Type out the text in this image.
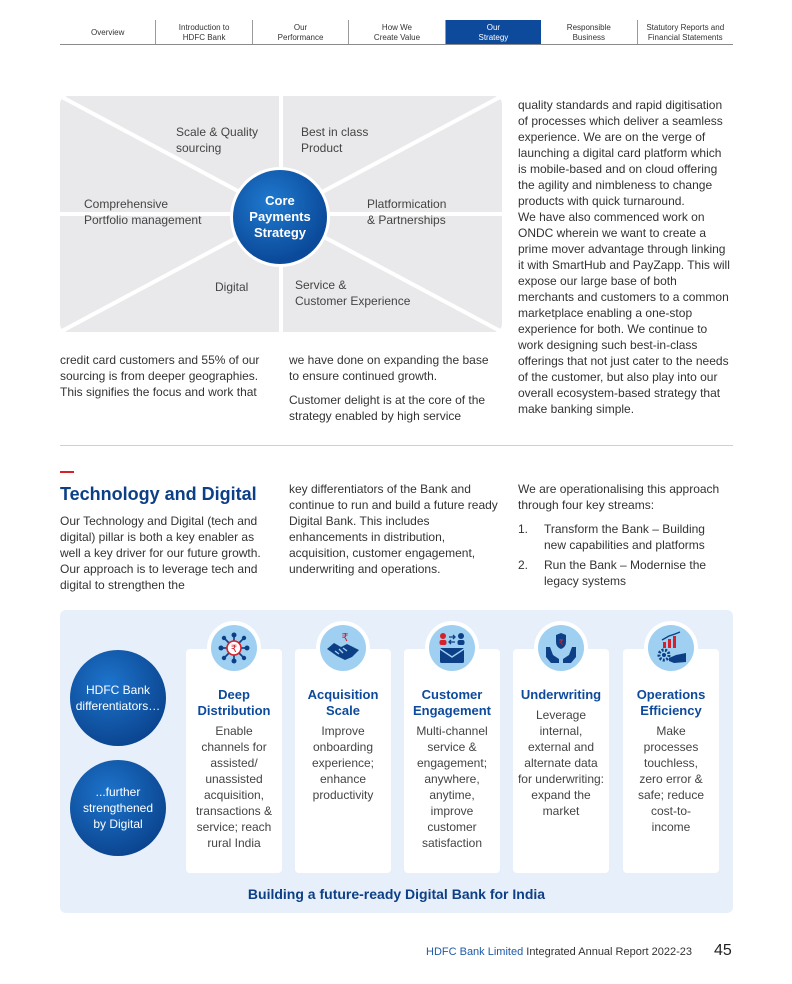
Overview
Introduction to
HDFC Bank
Our
Performance
How We
Create Value
Our
Strategy
Responsible
Business
Statutory Reports and
Financial Statements
Scale & Quality
sourcing
Best in class
Product
Comprehensive
Portfolio management
Platformication
& Partnerships
Digital	Service &
Customer Experience
Core
Payments
Strategy

credit card customers and 55% of our sourcing is from deeper geographies. This signifies the focus and work that

we have done on expanding the base to ensure continued growth.

Customer delight is at the core of the strategy enabled by high service

quality standards and rapid digitisation of processes which deliver a seamless experience. We are on the verge of launching a digital card platform which is mobile-based and on cloud offering the agility and nimbleness to change products with quick turnaround.

We have also commenced work on ONDC wherein we want to create a prime mover advantage through linking it with SmartHub and PayZapp. This will expose our large base of both merchants and customers to a common marketplace enabling a one-stop experience for both. We continue to work designing such best-in-class offerings that not just cater to the needs of the customer, but also play into our overall ecosystem-based strategy that make banking simple.

Technology and Digital

Our Technology and Digital (tech and digital) pillar is both a key enabler as well a key driver for our future growth. Our approach is to leverage tech and digital to strengthen the

key differentiators of the Bank and continue to run and build a future ready Digital Bank. This includes enhancements in distribution, acquisition, customer engagement, underwriting and operations.

We are operationalising this approach through four key streams:

1. Transform the Bank – Building new capabilities and platforms
2. Run the Bank – Modernise the legacy systems
HDFC Bank
differentiators…
...further
strengthened
by Digital
Deep
Distribution
Enable
channels for
assisted/
unassisted
acquisition,
transactions &
service; reach
rural India
₹
Acquisition
Scale
Improve
onboarding
experience;
enhance
productivity
₹
Customer
Engagement
Multi-channel
service &
engagement;
anywhere,
anytime,
improve
customer
satisfaction
Underwriting
Leverage
internal,
external and
alternate data
for underwriting:
expand the
market
₹
Operations
Efficiency
Make
processes
touchless,
zero error &
safe; reduce
cost-to-
income
Building a future-ready Digital Bank for India
HDFC Bank Limited Integrated Annual Report 2022-23 45
